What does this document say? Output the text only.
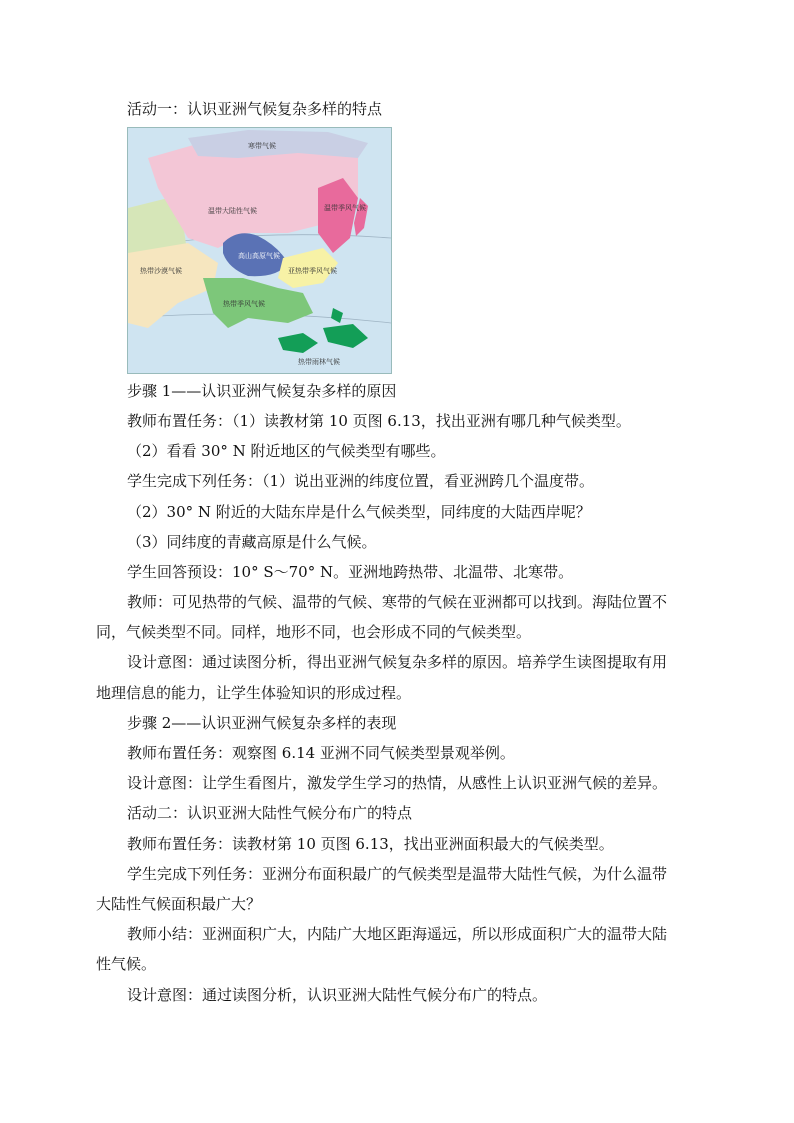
活动一：认识亚洲气候复杂多样的特点
温带大陆性气候
热带沙漠气候
热带季风气候
亚热带季风气候
高山高原气候
寒带气候
温带季风气候
热带雨林气候
步骤 1——认识亚洲气候复杂多样的原因
教师布置任务：（1）读教材第 10 页图 6.13，找出亚洲有哪几种气候类型。
（2）看看 30° N 附近地区的气候类型有哪些。
学生完成下列任务：（1）说出亚洲的纬度位置，看亚洲跨几个温度带。
（2）30° N 附近的大陆东岸是什么气候类型，同纬度的大陆西岸呢？
（3）同纬度的青藏高原是什么气候。
学生回答预设：10° S～70° N。亚洲地跨热带、北温带、北寒带。
教师：可见热带的气候、温带的气候、寒带的气候在亚洲都可以找到。海陆位置不
同，气候类型不同。同样，地形不同，也会形成不同的气候类型。
设计意图：通过读图分析，得出亚洲气候复杂多样的原因。培养学生读图提取有用
地理信息的能力，让学生体验知识的形成过程。
步骤 2——认识亚洲气候复杂多样的表现
教师布置任务：观察图 6.14 亚洲不同气候类型景观举例。
设计意图：让学生看图片，激发学生学习的热情，从感性上认识亚洲气候的差异。
活动二：认识亚洲大陆性气候分布广的特点
教师布置任务：读教材第 10 页图 6.13，找出亚洲面积最大的气候类型。
学生完成下列任务：亚洲分布面积最广的气候类型是温带大陆性气候，为什么温带
大陆性气候面积最广大？
教师小结：亚洲面积广大，内陆广大地区距海遥远，所以形成面积广大的温带大陆
性气候。
设计意图：通过读图分析，认识亚洲大陆性气候分布广的特点。
